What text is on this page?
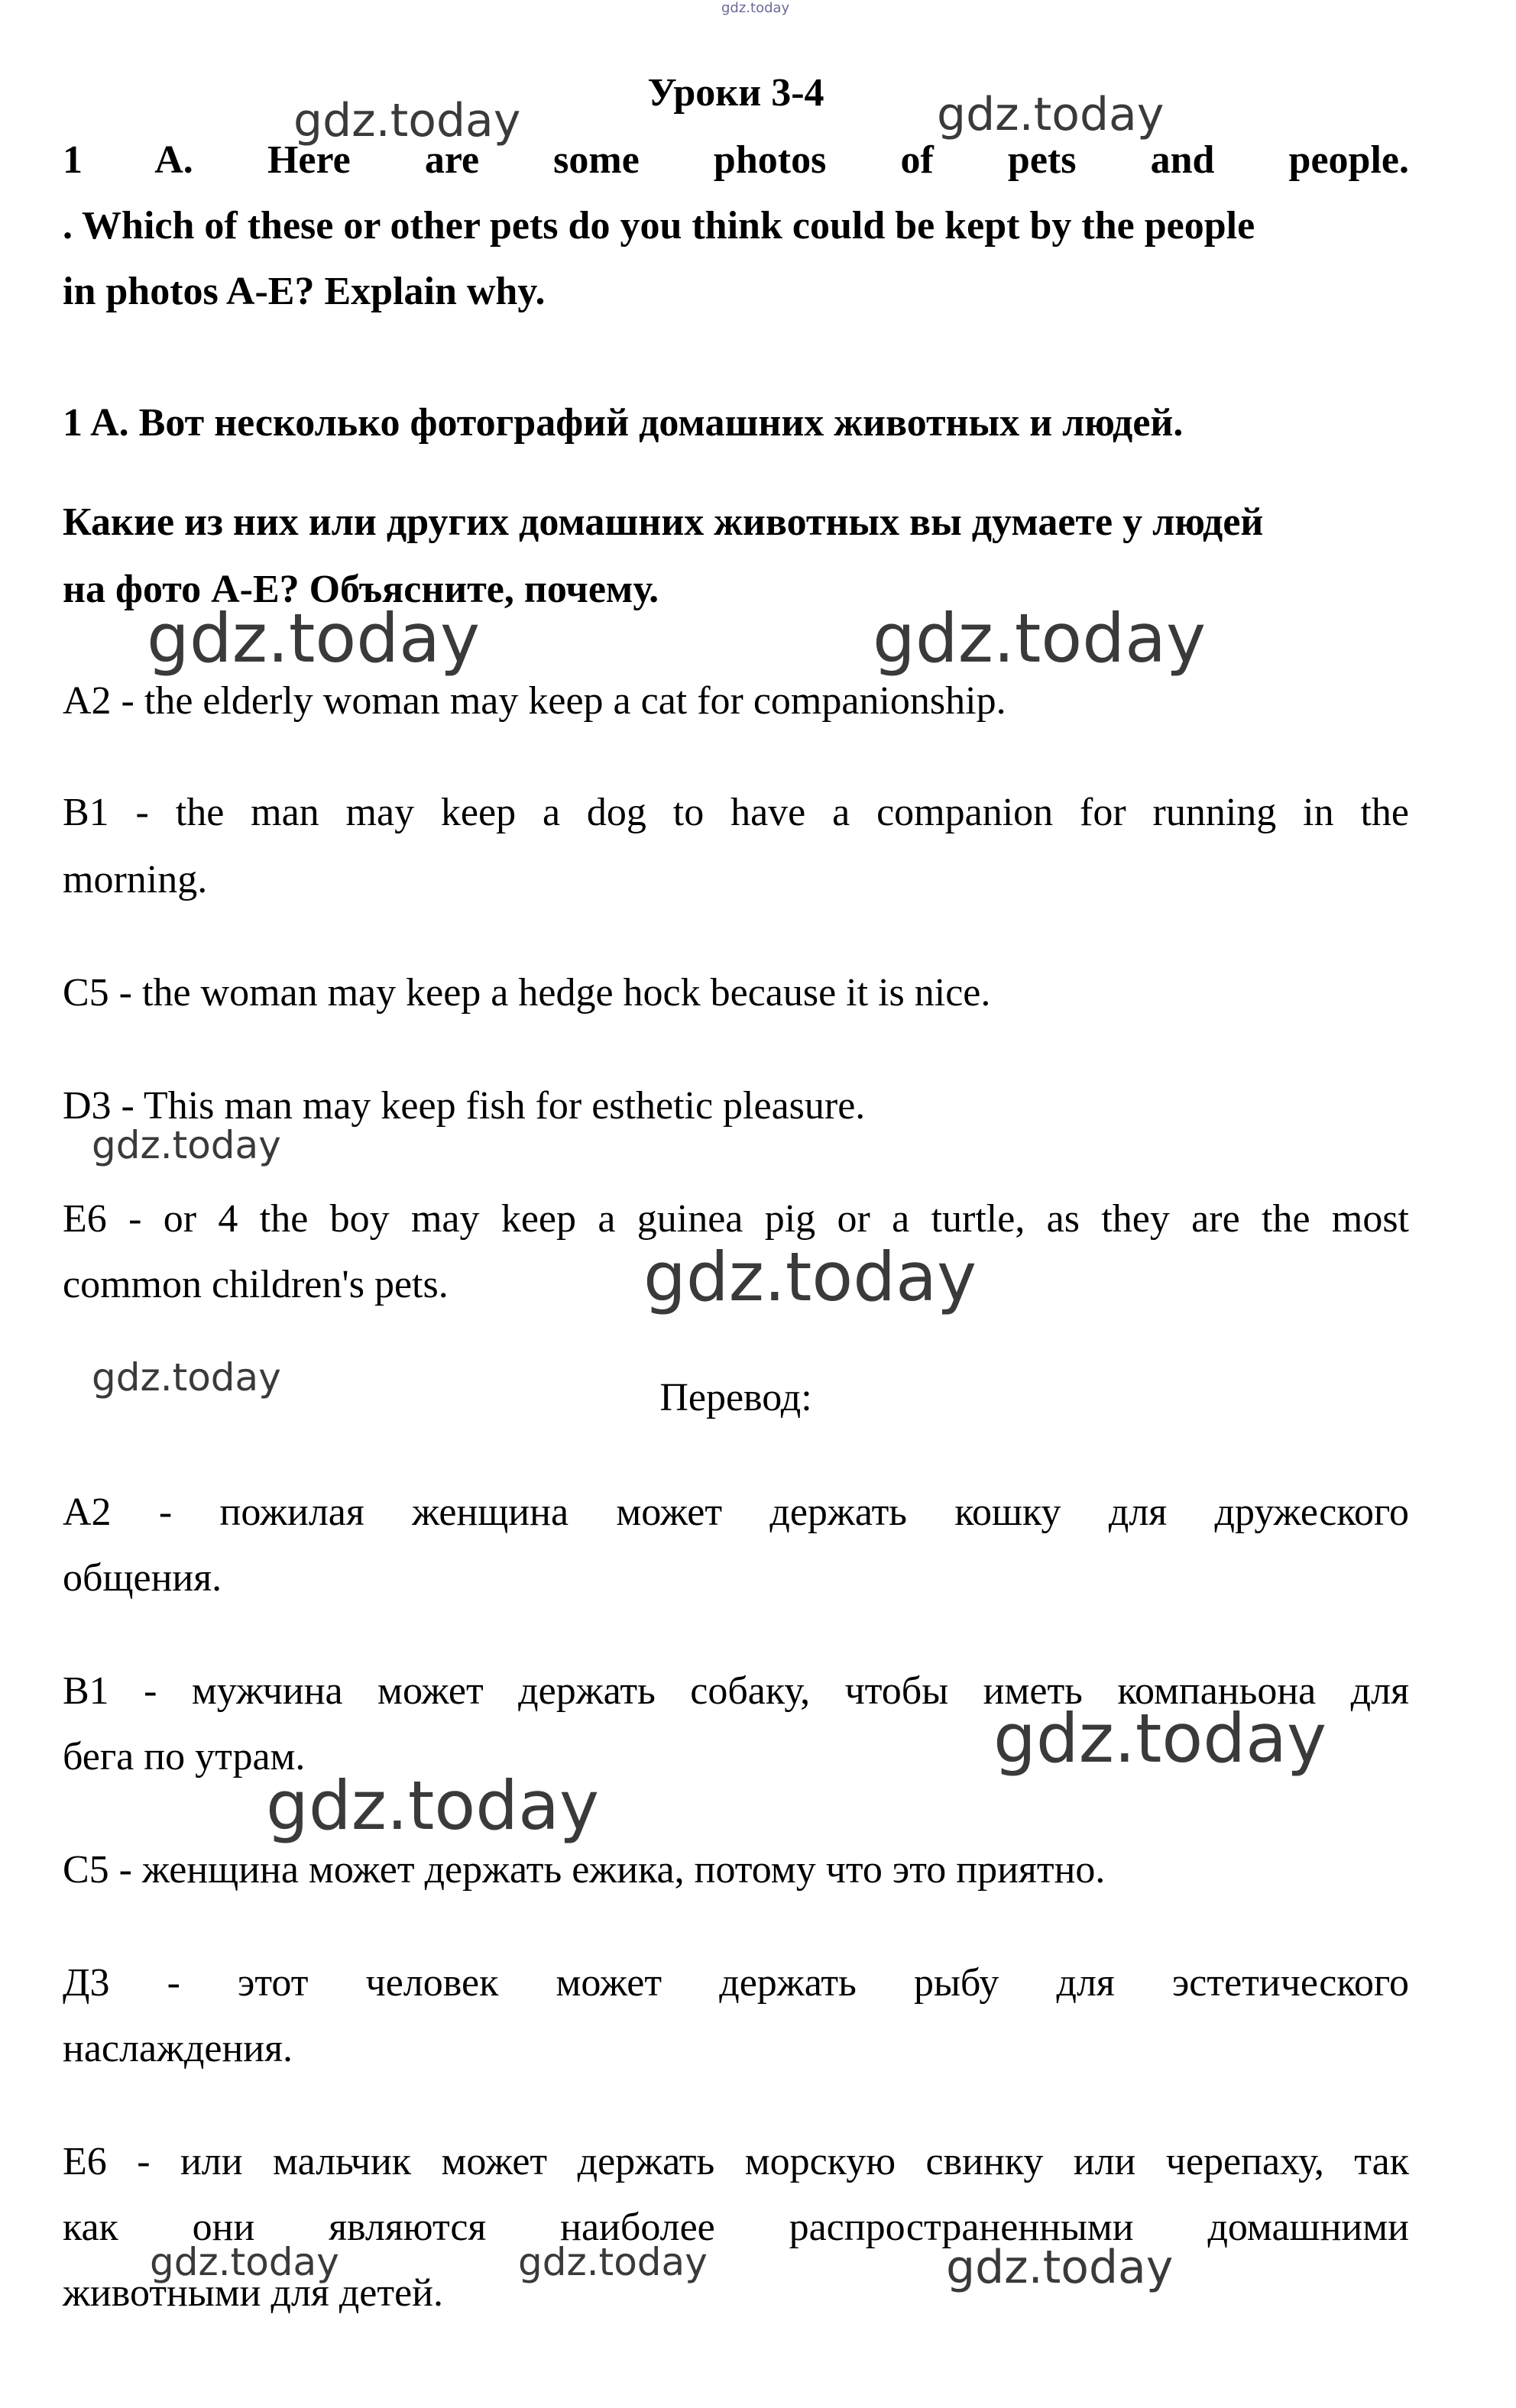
gdz.today
Уроки 3-4
1 A. Here are some photos of pets and people.
. Which of these or other pets do you think could be kept by the people
in photos A-E? Explain why.
1 A. Вот несколько фотографий домашних животных и людей.
Какие из них или других домашних животных вы думаете у людей
на фото A-E? Объясните, почему.
A2 - the elderly woman may keep a cat for companionship.
B1 - the man may keep a dog to have a companion for running in the
morning.
C5 - the woman may keep a hedge hock because it is nice.
D3 - This man may keep fish for esthetic pleasure.
E6 - or 4 the boy may keep a guinea pig or a turtle, as they are the most
common children's pets.
Перевод:
А2 - пожилая женщина может держать кошку для дружеского
общения.
В1 - мужчина может держать собаку, чтобы иметь компаньона для
бега по утрам.
С5 - женщина может держать ежика, потому что это приятно.
Д3 - этот человек может держать рыбу для эстетического
наслаждения.
Е6 - или мальчик может держать морскую свинку или черепаху, так
как они являются наиболее распространенными домашними
животными для детей.
gdz.today	gdz.today
gdz.today	gdz.today
gdz.today
gdz.today
gdz.today
gdz.today
gdz.today
gdz.today	gdz.today	gdz.today
